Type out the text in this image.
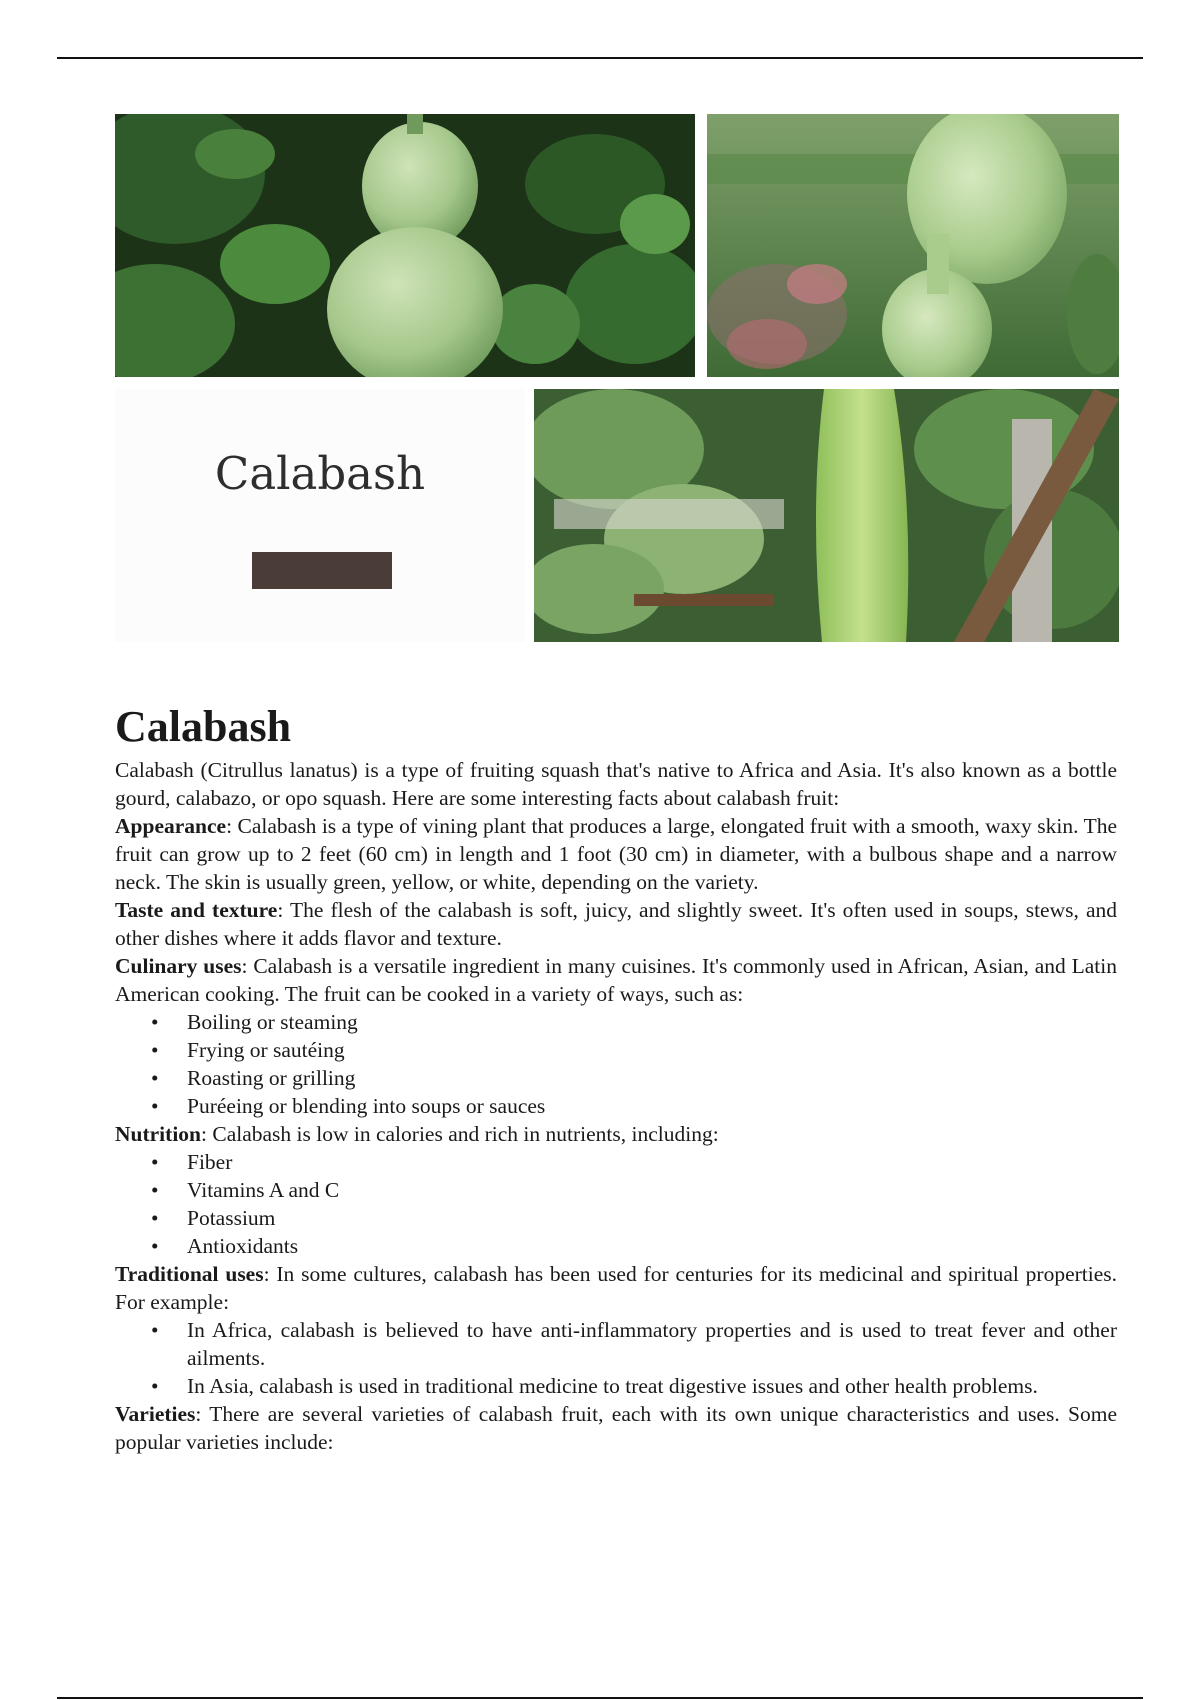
Calabash
Calabash

Calabash (Citrullus lanatus) is a type of fruiting squash that's native to Africa and Asia. It's also known as a bottle gourd, calabazo, or opo squash. Here are some interesting facts about calabash fruit:

Appearance: Calabash is a type of vining plant that produces a large, elongated fruit with a smooth, waxy skin. The fruit can grow up to 2 feet (60 cm) in length and 1 foot (30 cm) in diameter, with a bulbous shape and a narrow neck. The skin is usually green, yellow, or white, depending on the variety.

Taste and texture: The flesh of the calabash is soft, juicy, and slightly sweet. It's often used in soups, stews, and other dishes where it adds flavor and texture.

Culinary uses: Calabash is a versatile ingredient in many cuisines. It's commonly used in African, Asian, and Latin American cooking. The fruit can be cooked in a variety of ways, such as:

• Boiling or steaming
• Frying or sautéing
• Roasting or grilling
• Puréeing or blending into soups or sauces

Nutrition: Calabash is low in calories and rich in nutrients, including:

• Fiber
• Vitamins A and C
• Potassium
• Antioxidants

Traditional uses: In some cultures, calabash has been used for centuries for its medicinal and spiritual properties. For example:

• In Africa, calabash is believed to have anti-inflammatory properties and is used to treat fever and other ailments.
• In Asia, calabash is used in traditional medicine to treat digestive issues and other health problems.

Varieties: There are several varieties of calabash fruit, each with its own unique characteristics and uses. Some popular varieties include:
